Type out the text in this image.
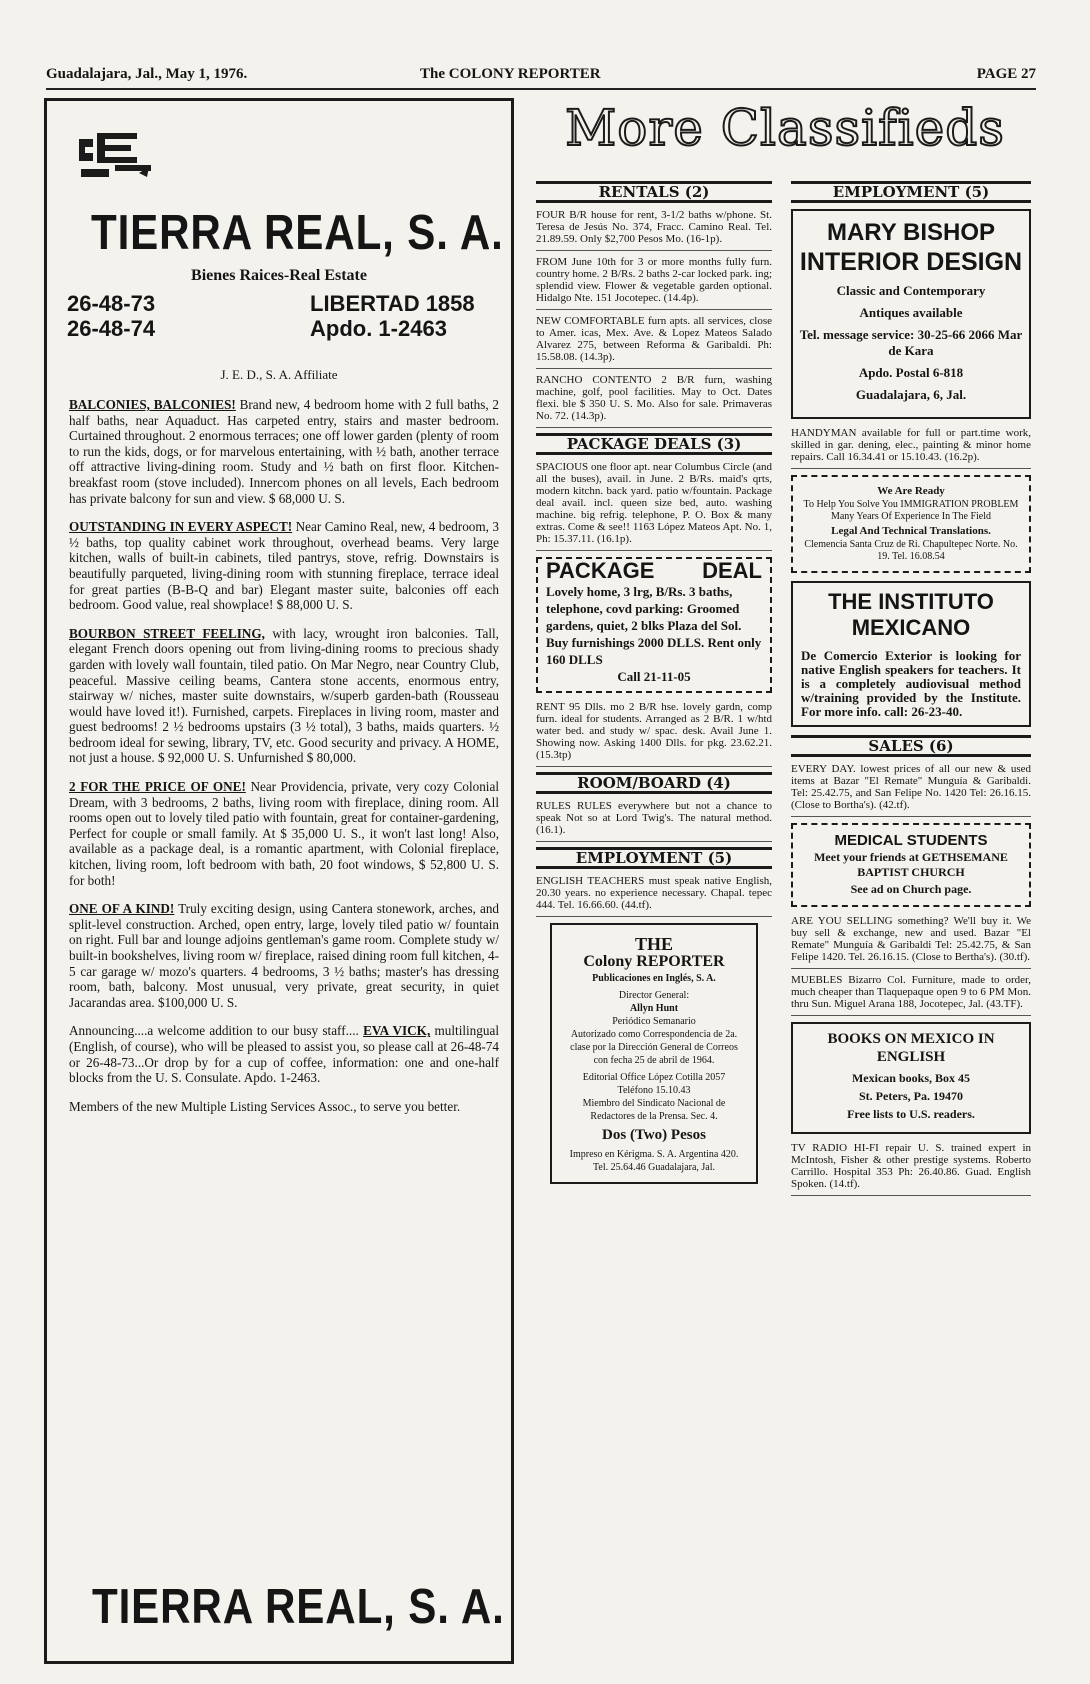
Guadalajara, Jal., May 1, 1976.	The COLONY REPORTER	PAGE 27
TIERRA REAL, S. A.
Bienes Raices-Real Estate
26-48-73
26-48-74
LIBERTAD 1858
Apdo. 1-2463
J. E. D., S. A. Affiliate

BALCONIES, BALCONIES! Brand new, 4 bedroom home with 2 full baths, 2 half baths, near Aquaduct. Has carpeted entry, stairs and master bedroom. Curtained throughout. 2 enormous terraces; one off lower garden (plenty of room to run the kids, dogs, or for marvelous entertaining, with ½ bath, another terrace off attractive living-dining room. Study and ½ bath on first floor. Kitchen-breakfast room (stove included). Innercom phones on all levels, Each bedroom has private balcony for sun and view. $ 68,000 U. S.

OUTSTANDING IN EVERY ASPECT! Near Camino Real, new, 4 bedroom, 3 ½ baths, top quality cabinet work throughout, overhead beams. Very large kitchen, walls of built-in cabinets, tiled pantrys, stove, refrig. Downstairs is beautifully parqueted, living-dining room with stunning fireplace, terrace ideal for great parties (B-B-Q and bar) Elegant master suite, balconies off each bedroom. Good value, real showplace! $ 88,000 U. S.

BOURBON STREET FEELING, with lacy, wrought iron balconies. Tall, elegant French doors opening out from living-dining rooms to precious shady garden with lovely wall fountain, tiled patio. On Mar Negro, near Country Club, peaceful. Massive ceiling beams, Cantera stone accents, enormous entry, stairway w/ niches, master suite downstairs, w/superb garden-bath (Rousseau would have loved it!). Furnished, carpets. Fireplaces in living room, master and guest bedrooms! 2 ½ bedrooms upstairs (3 ½ total), 3 baths, maids quarters. ½ bedroom ideal for sewing, library, TV, etc. Good security and privacy. A HOME, not just a house. $ 92,000 U. S. Unfurnished $ 80,000.

2 FOR THE PRICE OF ONE! Near Providencia, private, very cozy Colonial Dream, with 3 bedrooms, 2 baths, living room with fireplace, dining room. All rooms open out to lovely tiled patio with fountain, great for container-gardening, Perfect for couple or small family. At $ 35,000 U. S., it won't last long! Also, available as a package deal, is a romantic apartment, with Colonial fireplace, kitchen, living room, loft bedroom with bath, 20 foot windows, $ 52,800 U. S. for both!

ONE OF A KIND! Truly exciting design, using Cantera stonework, arches, and split-level construction. Arched, open entry, large, lovely tiled patio w/ fountain on right. Full bar and lounge adjoins gentleman's game room. Complete study w/ built-in bookshelves, living room w/ fireplace, raised dining room full kitchen, 4-5 car garage w/ mozo's quarters. 4 bedrooms, 3 ½ baths; master's has dressing room, bath, balcony. Most unusual, very private, great security, in quiet Jacarandas area. $100,000 U. S.

Announcing....a welcome addition to our busy staff.... EVA VICK, multilingual (English, of course), who will be pleased to assist you, so please call at 26-48-74 or 26-48-73...Or drop by for a cup of coffee, information: one and one-half blocks from the U. S. Consulate. Apdo. 1-2463.

Members of the new Multiple Listing Services Assoc., to serve you better.

TIERRA REAL, S. A.
More Classifieds
RENTALS (2)
FOUR B/R house for rent, 3-1/2 baths w/phone. St. Teresa de Jesús No. 374, Fracc. Camino Real. Tel. 21.89.59. Only $2,700 Pesos Mo. (16-1p).
FROM June 10th for 3 or more months fully furn. country home. 2 B/Rs. 2 baths 2-car locked park. ing; splendid view. Flower & vegetable garden optional. Hidalgo Nte. 151 Jocotepec. (14.4p).
NEW COMFORTABLE furn apts. all services, close to Amer. icas, Mex. Ave. & Lopez Mateos Salado Alvarez 275, between Reforma & Garibaldi. Ph: 15.58.08. (14.3p).
RANCHO CONTENTO 2 B/R furn, washing machine, golf, pool facilities. May to Oct. Dates flexi. ble $ 350 U. S. Mo. Also for sale. Primaveras No. 72. (14.3p).
PACKAGE DEALS (3)
SPACIOUS one floor apt. near Columbus Circle (and all the buses), avail. in June. 2 B/Rs. maid's qrts, modern kitchn. back yard. patio w/fountain. Package deal avail. incl. queen size bed, auto. washing machine. big refrig. telephone, P. O. Box & many extras. Come & see!! 1163 López Mateos Apt. No. 1, Ph: 15.37.11. (16.1p).
PACKAGE DEAL

Lovely home, 3 lrg, B/Rs. 3 baths, telephone, covd parking: Groomed gardens, quiet, 2 blks Plaza del Sol. Buy furnishings 2000 DLLS. Rent only 160 DLLS

Call 21-11-05

RENT 95 Dlls. mo 2 B/R hse. lovely gardn, comp furn. ideal for students. Arranged as 2 B/R. 1 w/htd water bed. and study w/ spac. desk. Avail June 1. Showing now. Asking 1400 Dlls. for pkg. 23.62.21. (15.3tp)
ROOM/BOARD (4)
RULES RULES everywhere but not a chance to speak Not so at Lord Twig's. The natural method. (16.1).
EMPLOYMENT (5)
ENGLISH TEACHERS must speak native English, 20.30 years. no experience necessary. Chapal. tepec 444. Tel. 16.66.60. (44.tf).
THE
Colony REPORTER
Publicaciones en Inglés, S. A.
Director General:
Allyn Hunt
Periódico Semanario
Autorizado como Correspondencia de 2a. clase por la Dirección General de Correos con fecha 25 de abril de 1964.
Editorial Office López Cotilla 2057
Teléfono 15.10.43
Miembro del Sindicato Nacional de Redactores de la Prensa. Sec. 4.
Dos (Two) Pesos
Impreso en Kérigma. S. A. Argentina 420. Tel. 25.64.46 Guadalajara, Jal.
EMPLOYMENT (5)
MARY BISHOP
INTERIOR DESIGN

Classic and Contemporary

Antiques available

Tel. message service: 30-25-66 2066 Mar de Kara

Apdo. Postal 6-818

Guadalajara, 6, Jal.

HANDYMAN available for full or part.time work, skilled in gar. dening, elec., painting & minor home repairs. Call 16.34.41 or 15.10.43. (16.2p).

We Are Ready

To Help You Solve You IMMIGRATION PROBLEM Many Years Of Experience In The Field

Legal And Technical Translations.

Clemencia Santa Cruz de Ri. Chapultepec Norte. No. 19. Tel. 16.08.54

THE INSTITUTO MEXICANO

De Comercio Exterior is looking for native English speakers for teachers. It is a completely audiovisual method w/training provided by the Institute. For more info. call: 26-23-40.

SALES (6)
EVERY DAY. lowest prices of all our new & used items at Bazar "El Remate" Munguía & Garibaldi. Tel: 25.42.75, and San Felipe No. 1420 Tel: 26.16.15. (Close to Bortha's). (42.tf).

MEDICAL STUDENTS

Meet your friends at GETHSEMANE BAPTIST CHURCH

See ad on Church page.

ARE YOU SELLING something? We'll buy it. We buy sell & exchange, new and used. Bazar "El Remate" Munguía & Garibaldi Tel: 25.42.75, & San Felipe 1420. Tel. 26.16.15. (Close to Bertha's). (30.tf).
MUEBLES Bizarro Col. Furniture, made to order, much cheaper than Tlaquepaque open 9 to 6 PM Mon. thru Sun. Miguel Arana 188, Jocotepec, Jal. (43.TF).
BOOKS ON MEXICO IN ENGLISH

Mexican books, Box 45

St. Peters, Pa. 19470

Free lists to U.S. readers.

TV RADIO HI-FI repair U. S. trained expert in McIntosh, Fisher & other prestige systems. Roberto Carrillo. Hospital 353 Ph: 26.40.86. Guad. English Spoken. (14.tf).
